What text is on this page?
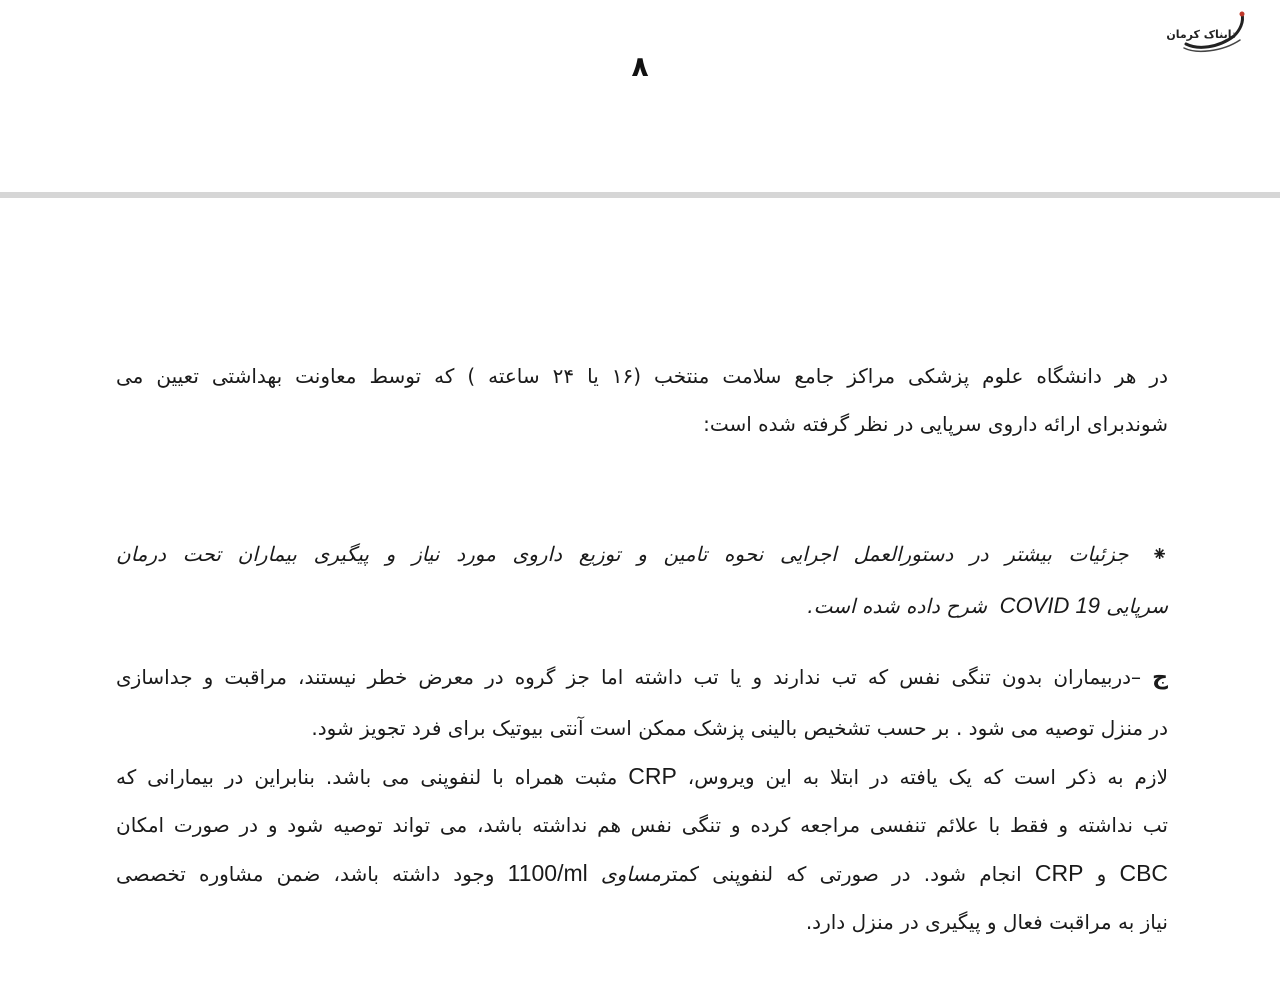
۸
تابناک کرمان
در هر دانشگاه علوم پزشکی مراکز جامع سلامت منتخب (۱۶ یا ۲۴ ساعته ) که توسط معاونت بهداشتی تعیین می
شوندبرای ارائه داروی سرپایی در نظر گرفته شده است:
⁕ جزئیات بیشتر در دستورالعمل اجرایی نحوه تامین و توزیع داروی مورد نیاز و پیگیری بیماران تحت درمان
سرپایی COVID 19  شرح داده شده است.
ج –دربیماران بدون تنگی نفس که تب ندارند و یا تب داشته اما جز گروه در معرض خطر نیستند، مراقبت و جداسازی
در منزل توصیه می شود . بر حسب تشخیص بالینی پزشک ممکن است آنتی بیوتیک برای فرد تجویز شود.
لازم به ذکر است که یک یافته در ابتلا به این ویروس، CRP مثبت همراه با لنفوپنی می باشد. بنابراین در بیمارانی که
تب نداشته و فقط با علائم تنفسی مراجعه کرده و تنگی نفس هم نداشته باشد، می تواند توصیه شود و در صورت امکان
CBC و CRP انجام شود. در صورتی که لنفوپنی کمترمساوی 1100/ml وجود داشته باشد، ضمن مشاوره تخصصی
نیاز به مراقبت فعال و پیگیری در منزل دارد.
